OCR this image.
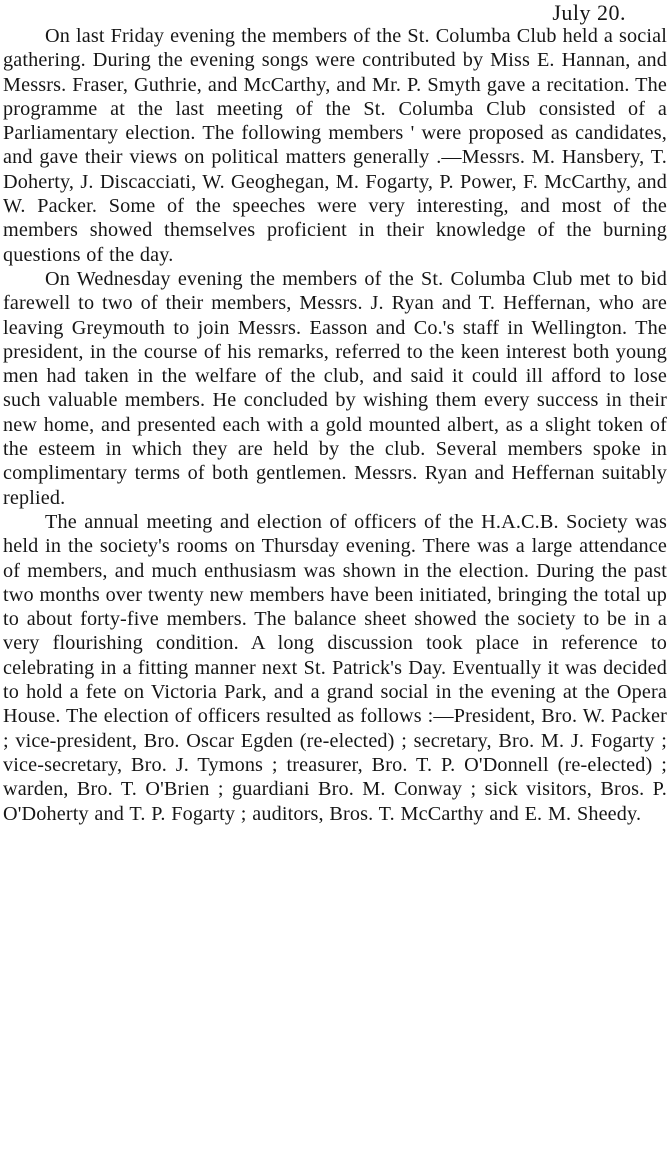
July 20.

On last Friday evening the members of the St. Columba Club held a social gathering. During the evening songs were contributed by Miss E. Hannan, and Messrs. Fraser, Guthrie, and McCarthy, and Mr. P. Smyth gave a recitation. The programme at the last meeting of the St. Columba Club consisted of a Parliamentary election. The following members ' were proposed as candidates, and gave their views on political matters generally .—Messrs. M. Hansbery, T. Doherty, J. Discacciati, W. Geoghegan, M. Fogarty, P. Power, F. McCarthy, and W. Packer. Some of the speeches were very interesting, and most of the members showed themselves proficient in their knowledge of the burning questions of the day.

On Wednesday evening the members of the St. Columba Club met to bid farewell to two of their members, Messrs. J. Ryan and T. Heffernan, who are leaving Greymouth to join Messrs. Easson and Co.'s staff in Wellington. The president, in the course of his remarks, referred to the keen interest both young men had taken in the welfare of the club, and said it could ill afford to lose such valuable members. He concluded by wishing them every success in their new home, and presented each with a gold mounted albert, as a slight token of the esteem in which they are held by the club. Several members spoke in complimentary terms of both gentlemen. Messrs. Ryan and Heffernan suitably replied.

The annual meeting and election of officers of the H.A.C.B. Society was held in the society's rooms on Thursday evening. There was a large attendance of members, and much enthusiasm was shown in the election. During the past two months over twenty new members have been initiated, bringing the total up to about forty-five members. The balance sheet showed the society to be in a very flourishing condition. A long discussion took place in reference to celebrating in a fitting manner next St. Patrick's Day. Eventually it was decided to hold a fete on Victoria Park, and a grand social in the evening at the Opera House. The election of officers resulted as follows :—President, Bro. W. Packer ; vice-president, Bro. Oscar Egden (re-elected) ; secretary, Bro. M. J. Fogarty ; vice-secretary, Bro. J. Tymons ; treasurer, Bro. T. P. O'Donnell (re-elected) ; warden, Bro. T. O'Brien ; guardiani Bro. M. Conway ; sick visitors, Bros. P. O'Doherty and T. P. Fogarty ; auditors, Bros. T. McCarthy and E. M. Sheedy.
